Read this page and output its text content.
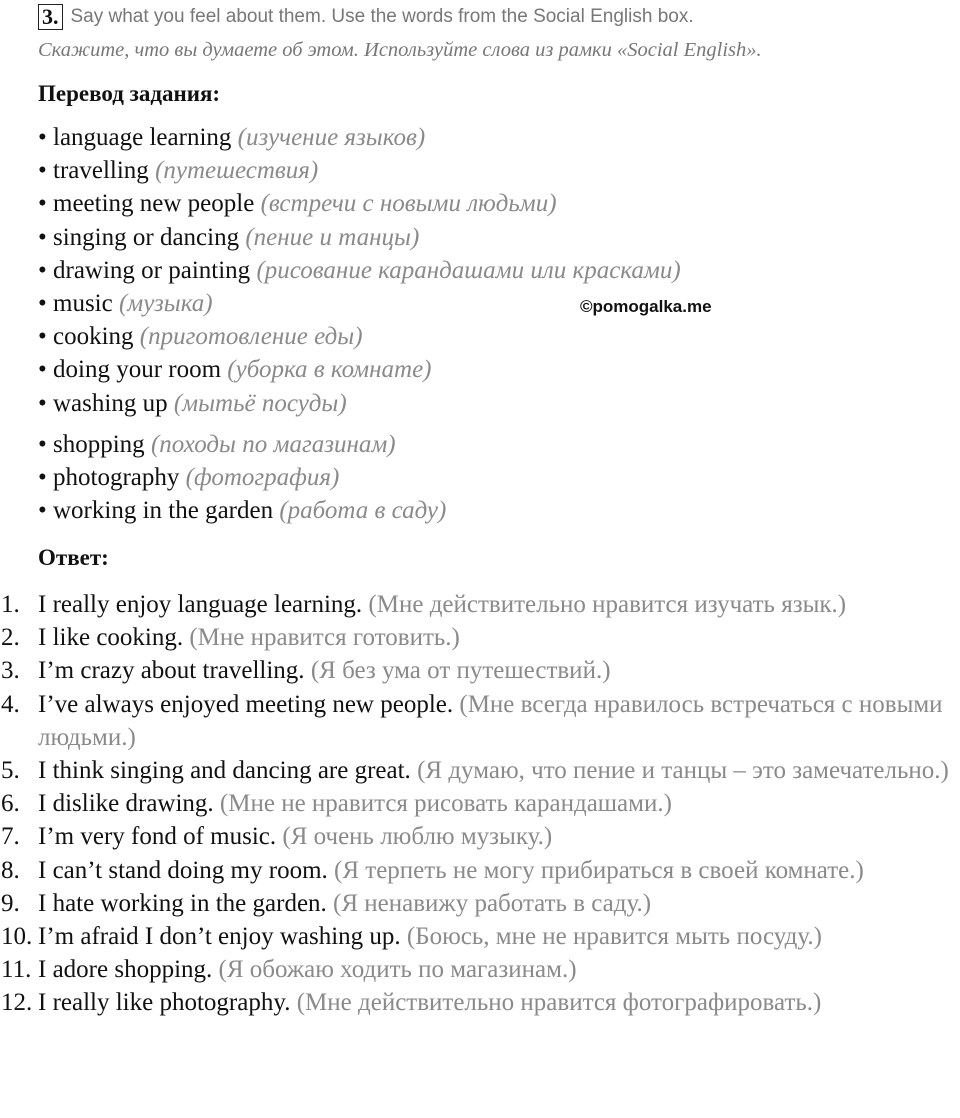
3. Say what you feel about them. Use the words from the Social English box.
Скажите, что вы думаете об этом. Используйте слова из рамки «Social English».
Перевод задания:
• language learning (изучение языков)
• travelling (путешествия)
• meeting new people (встречи с новыми людьми)
• singing or dancing (пение и танцы)
• drawing or painting (рисование карандашами или красками)
• music (музыка)
• cooking (приготовление еды)
• doing your room (уборка в комнате)
• washing up (мытьё посуды)
• shopping (походы по магазинам)
• photography (фотография)
• working in the garden (работа в саду)
©pomogalka.me
Ответ:
1. I really enjoy language learning. (Мне действительно нравится изучать язык.)
2. I like cooking. (Мне нравится готовить.)
3. I’m crazy about travelling. (Я без ума от путешествий.)
4. I’ve always enjoyed meeting new people. (Мне всегда нравилось встречаться с новыми людьми.)
5. I think singing and dancing are great. (Я думаю, что пение и танцы – это замечательно.)
6. I dislike drawing. (Мне не нравится рисовать карандашами.)
7. I’m very fond of music. (Я очень люблю музыку.)
8. I can’t stand doing my room. (Я терпеть не могу прибираться в своей комнате.)
9. I hate working in the garden. (Я ненавижу работать в саду.)
10. I’m afraid I don’t enjoy washing up. (Боюсь, мне не нравится мыть посуду.)
11. I adore shopping. (Я обожаю ходить по магазинам.)
12. I really like photography. (Мне действительно нравится фотографировать.)
